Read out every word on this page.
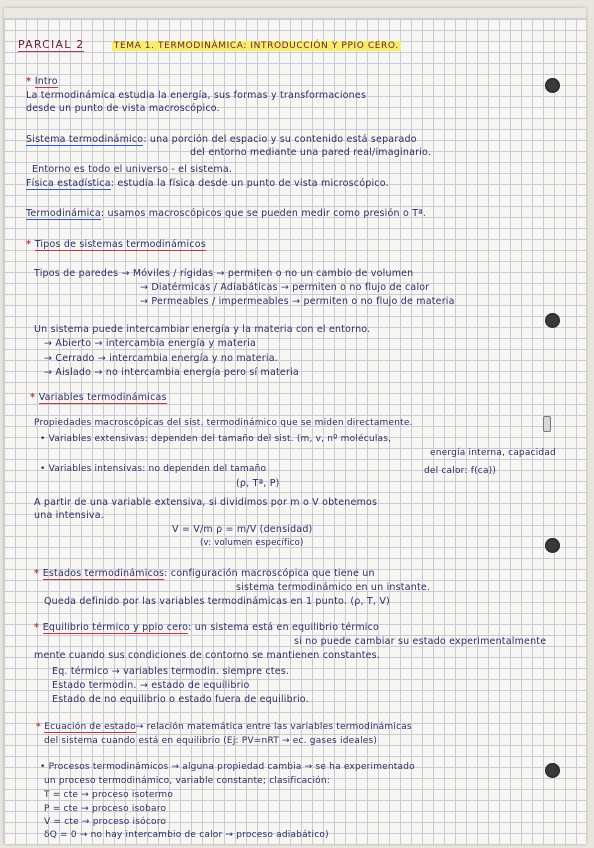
PARCIAL 2	TEMA 1. TERMODINÁMICA: INTRODUCCIÓN Y PPIO CERO.
* Intro
La termodinámica estudia la energía, sus formas y transformaciones
desde un punto de vista macroscópico.
Sistema termodinámico: una porción del espacio y su contenido está separado
del entorno mediante una pared real/imaginario.
Entorno es todo el universo - el sistema.
Física estadística: estudia la física desde un punto de vista microscópico.
Termodinámica: usamos macroscópicos que se pueden medir como presión o Tª.
* Tipos de sistemas termodinámicos
Tipos de paredes → Móviles / rígidas → permiten o no un cambio de volumen
→ Diatérmicas / Adiabáticas → permiten o no flujo de calor
→ Permeables / impermeables → permiten o no flujo de materia
Un sistema puede intercambiar energía y la materia con el entorno.
→ Abierto → intercambia energía y materia
→ Cerrado → intercambia energía y no materia.
→ Aislado → no intercambia energía pero sí materia
* Variables termodinámicas
Propiedades macroscópicas del sist. termodinámico que se miden directamente.
• Variables extensivas: dependen del tamaño del sist. (m, v, nº moléculas,
energía interna, capacidad
• Variables intensivas: no dependen del tamaño	del calor: f(ca))
(ρ, Tª, P)
A partir de una variable extensiva, si dividimos por m o V obtenemos
una intensiva.
V = V/m ρ = m/V (densidad)
(v: volumen específico)
* Estados termodinámicos: configuración macroscópica que tiene un
sistema termodinámico en un instante.
Queda definido por las variables termodinámicas en 1 punto. (ρ, T, V)
* Equilibrio térmico y ppio cero: un sistema está en equilibrio térmico
si no puede cambiar su estado experimentalmente
mente cuando sus condiciones de contorno se mantienen constantes.
Eq. térmico → variables termodin. siempre ctes.
Estado termodin. → estado de equilibrio
Estado de no equilibrio o estado fuera de equilibrio.
* Ecuación de estado→ relación matemática entre las variables termodinámicas
del sistema cuando está en equilibrio (Ej: PV=nRT → ec. gases ideales)
• Procesos termodinámicos → alguna propiedad cambia → se ha experimentado
un proceso termodinámico, variable constante; clasificación:
T = cte → proceso isotermo
P = cte → proceso isobaro
V = cte → proceso isócoro
δQ = 0 → no hay intercambio de calor → proceso adiabático)
